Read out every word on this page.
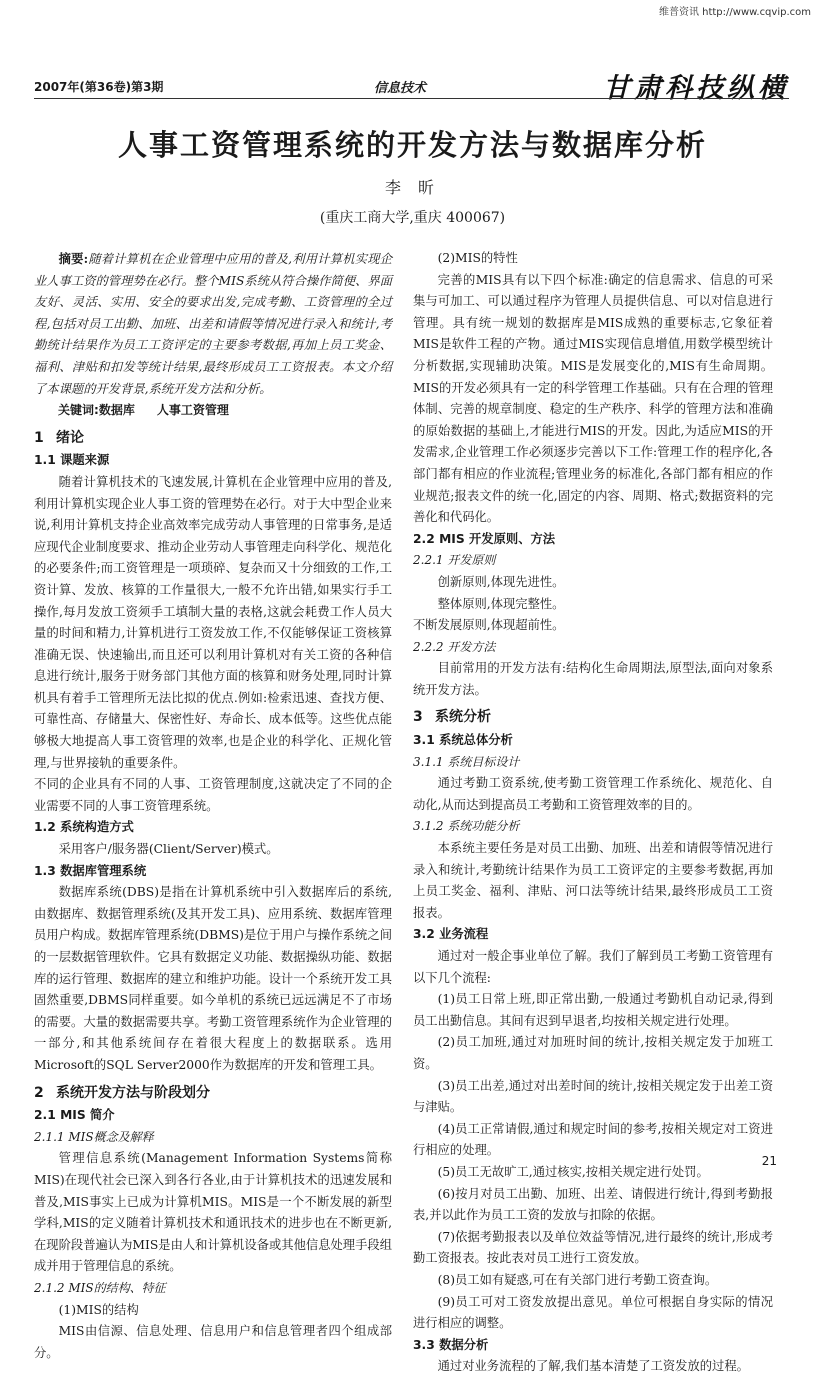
维普资讯 http://www.cqvip.com
2007年(第36卷)第3期	信息技术	甘肃科技纵横
人事工资管理系统的开发方法与数据库分析
李 昕
(重庆工商大学,重庆 400067)

摘要:随着计算机在企业管理中应用的普及,利用计算机实现企业人事工资的管理势在必行。整个MIS系统从符合操作简便、界面友好、灵活、实用、安全的要求出发,完成考勤、工资管理的全过程,包括对员工出勤、加班、出差和请假等情况进行录入和统计,考勤统计结果作为员工工资评定的主要参考数据,再加上员工奖金、福利、津贴和扣发等统计结果,最终形成员工工资报表。本文介绍了本课题的开发背景,系统开发方法和分析。

关键词:数据库 人事工资管理

1 绪论
1.1 课题来源

随着计算机技术的飞速发展,计算机在企业管理中应用的普及,利用计算机实现企业人事工资的管理势在必行。对于大中型企业来说,利用计算机支持企业高效率完成劳动人事管理的日常事务,是适应现代企业制度要求、推动企业劳动人事管理走向科学化、规范化的必要条件;而工资管理是一项琐碎、复杂而又十分细致的工作,工资计算、发放、核算的工作量很大,一般不允许出错,如果实行手工操作,每月发放工资须手工填制大量的表格,这就会耗费工作人员大量的时间和精力,计算机进行工资发放工作,不仅能够保证工资核算准确无误、快速输出,而且还可以利用计算机对有关工资的各种信息进行统计,服务于财务部门其他方面的核算和财务处理,同时计算机具有着手工管理所无法比拟的优点.例如:检索迅速、查找方便、可靠性高、存储量大、保密性好、寿命长、成本低等。这些优点能够极大地提高人事工资管理的效率,也是企业的科学化、正规化管理,与世界接轨的重要条件。

不同的企业具有不同的人事、工资管理制度,这就决定了不同的企业需要不同的人事工资管理系统。

1.2 系统构造方式

采用客户/服务器(Client/Server)模式。

1.3 数据库管理系统

数据库系统(DBS)是指在计算机系统中引入数据库后的系统,由数据库、数据管理系统(及其开发工具)、应用系统、数据库管理员用户构成。数据库管理系统(DBMS)是位于用户与操作系统之间的一层数据管理软件。它具有数据定义功能、数据操纵功能、数据库的运行管理、数据库的建立和维护功能。设计一个系统开发工具固然重要,DBMS同样重要。如今单机的系统已远远满足不了市场的需要。大量的数据需要共享。考勤工资管理系统作为企业管理的一部分,和其他系统间存在着很大程度上的数据联系。选用Microsoft的SQL Server2000作为数据库的开发和管理工具。

2 系统开发方法与阶段划分
2.1 MIS 简介
2.1.1 MIS概念及解释

管理信息系统(Management Information Systems简称MIS)在现代社会已深入到各行各业,由于计算机技术的迅速发展和普及,MIS事实上已成为计算机MIS。MIS是一个不断发展的新型学科,MIS的定义随着计算机技术和通讯技术的进步也在不断更新,在现阶段普遍认为MIS是由人和计算机设备或其他信息处理手段组成并用于管理信息的系统。

2.1.2 MIS的结构、特征

(1)MIS的结构

MIS由信源、信息处理、信息用户和信息管理者四个组成部分。

(2)MIS的特性

完善的MIS具有以下四个标准:确定的信息需求、信息的可采集与可加工、可以通过程序为管理人员提供信息、可以对信息进行管理。具有统一规划的数据库是MIS成熟的重要标志,它象征着MIS是软件工程的产物。通过MIS实现信息增值,用数学模型统计分析数据,实现辅助决策。MIS是发展变化的,MIS有生命周期。MIS的开发必须具有一定的科学管理工作基础。只有在合理的管理体制、完善的规章制度、稳定的生产秩序、科学的管理方法和准确的原始数据的基础上,才能进行MIS的开发。因此,为适应MIS的开发需求,企业管理工作必须逐步完善以下工作:管理工作的程序化,各部门都有相应的作业流程;管理业务的标准化,各部门都有相应的作业规范;报表文件的统一化,固定的内容、周期、格式;数据资料的完善化和代码化。

2.2 MIS 开发原则、方法
2.2.1 开发原则

创新原则,体现先进性。

整体原则,体现完整性。

不断发展原则,体现超前性。

2.2.2 开发方法

目前常用的开发方法有:结构化生命周期法,原型法,面向对象系统开发方法。

3 系统分析
3.1 系统总体分析
3.1.1 系统目标设计

通过考勤工资系统,使考勤工资管理工作系统化、规范化、自动化,从而达到提高员工考勤和工资管理效率的目的。

3.1.2 系统功能分析

本系统主要任务是对员工出勤、加班、出差和请假等情况进行录入和统计,考勤统计结果作为员工工资评定的主要参考数据,再加上员工奖金、福利、津贴、河口法等统计结果,最终形成员工工资报表。

3.2 业务流程

通过对一般企事业单位了解。我们了解到员工考勤工资管理有以下几个流程:

(1)员工日常上班,即正常出勤,一般通过考勤机自动记录,得到员工出勤信息。其间有迟到早退者,均按相关规定进行处理。

(2)员工加班,通过对加班时间的统计,按相关规定发于加班工资。

(3)员工出差,通过对出差时间的统计,按相关规定发于出差工资与津贴。

(4)员工正常请假,通过和规定时间的参考,按相关规定对工资进行相应的处理。

(5)员工无故旷工,通过核实,按相关规定进行处罚。

(6)按月对员工出勤、加班、出差、请假进行统计,得到考勤报表,并以此作为员工工资的发放与扣除的依据。

(7)依据考勤报表以及单位效益等情况,进行最终的统计,形成考勤工资报表。按此表对员工进行工资发放。

(8)员工如有疑惑,可在有关部门进行考勤工资查询。

(9)员工可对工资发放提出意见。单位可根据自身实际的情况进行相应的调整。

3.3 数据分析

通过对业务流程的了解,我们基本清楚了工资发放的过程。

21
